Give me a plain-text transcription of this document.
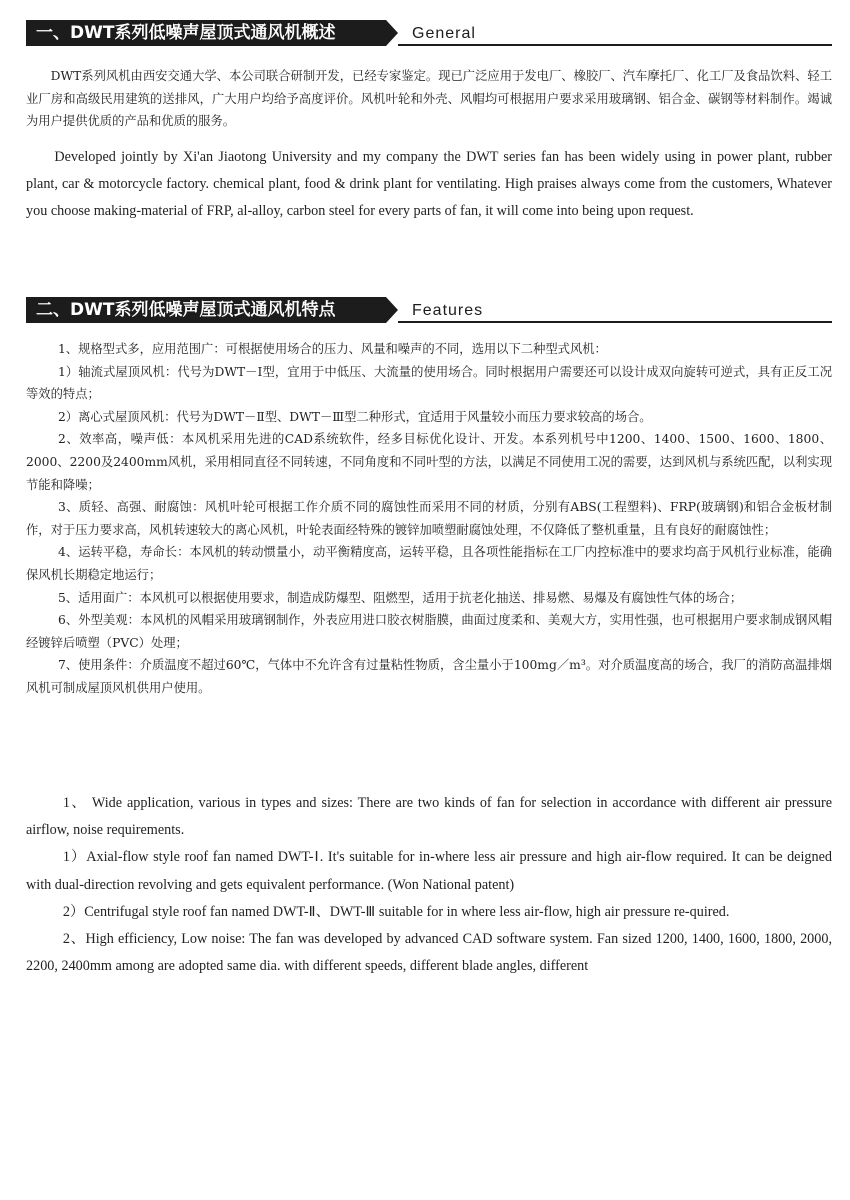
一、DWT系列低噪声屋顶式通风机概述	General

DWT系列风机由西安交通大学、本公司联合研制开发，已经专家鉴定。现已广泛应用于发电厂、橡胶厂、汽车摩托厂、化工厂及食品饮料、轻工业厂房和高级民用建筑的送排风，广大用户均给予高度评价。风机叶轮和外壳、风帽均可根据用户要求采用玻璃钢、铝合金、碳钢等材料制作。竭诚为用户提供优质的产品和优质的服务。

Developed jointly by Xi'an Jiaotong University and my company the DWT series fan has been widely using in power plant, rubber plant, car & motorcycle factory. chemical plant, food & drink plant for ventilating. High praises always come from the customers, Whatever you choose making-material of FRP, al-alloy, carbon steel for every parts of fan, it will come into being upon request.

二、DWT系列低噪声屋顶式通风机特点	Features

1、规格型式多，应用范围广：可根据使用场合的压力、风量和噪声的不同，选用以下二种型式风机：

1）轴流式屋顶风机：代号为DWT－Ⅰ型，宜用于中低压、大流量的使用场合。同时根据用户需要还可以设计成双向旋转可逆式，具有正反工况等效的特点；

2）离心式屋顶风机：代号为DWT－Ⅱ型、DWT－Ⅲ型二种形式，宜适用于风量较小而压力要求较高的场合。

2、效率高，噪声低：本风机采用先进的CAD系统软件，经多目标优化设计、开发。本系列机号中1200、1400、1500、1600、1800、2000、2200及2400mm风机，采用相同直径不同转速，不同角度和不同叶型的方法，以满足不同使用工况的需要，达到风机与系统匹配，以利实现节能和降噪；

3、质轻、高强、耐腐蚀：风机叶轮可根据工作介质不同的腐蚀性而采用不同的材质，分别有ABS(工程塑料)、FRP(玻璃钢)和铝合金板材制作，对于压力要求高，风机转速较大的离心风机，叶轮表面经特殊的镀锌加喷塑耐腐蚀处理，不仅降低了整机重量，且有良好的耐腐蚀性；

4、运转平稳，寿命长：本风机的转动惯量小，动平衡精度高，运转平稳，且各项性能指标在工厂内控标准中的要求均高于风机行业标准，能确保风机长期稳定地运行；

5、适用面广：本风机可以根据使用要求，制造成防爆型、阻燃型，适用于抗老化抽送、排易燃、易爆及有腐蚀性气体的场合；

6、外型美观：本风机的风帽采用玻璃钢制作，外表应用进口胶衣树脂膜，曲面过度柔和、美观大方，实用性强，也可根据用户要求制成钢风帽经镀锌后喷塑（PVC）处理；

7、使用条件：介质温度不超过60℃，气体中不允许含有过量粘性物质，含尘量小于100mg／m³。对介质温度高的场合，我厂的消防高温排烟风机可制成屋顶风机供用户使用。

1、 Wide application, various in types and sizes: There are two kinds of fan for selection in accordance with different air pressure airflow, noise requirements.

1）Axial-flow style roof fan named DWT-Ⅰ. It's suitable for in-where less air pressure and high air-flow required. It can be deigned with dual-direction revolving and gets equivalent performance. (Won National patent)

2）Centrifugal style roof fan named DWT-Ⅱ、DWT-Ⅲ suitable for in where less air-flow, high air pressure re-quired.

2、High efficiency, Low noise: The fan was developed by advanced CAD software system. Fan sized 1200, 1400, 1600, 1800, 2000, 2200, 2400mm among are adopted same dia. with different speeds, different blade angles, different
